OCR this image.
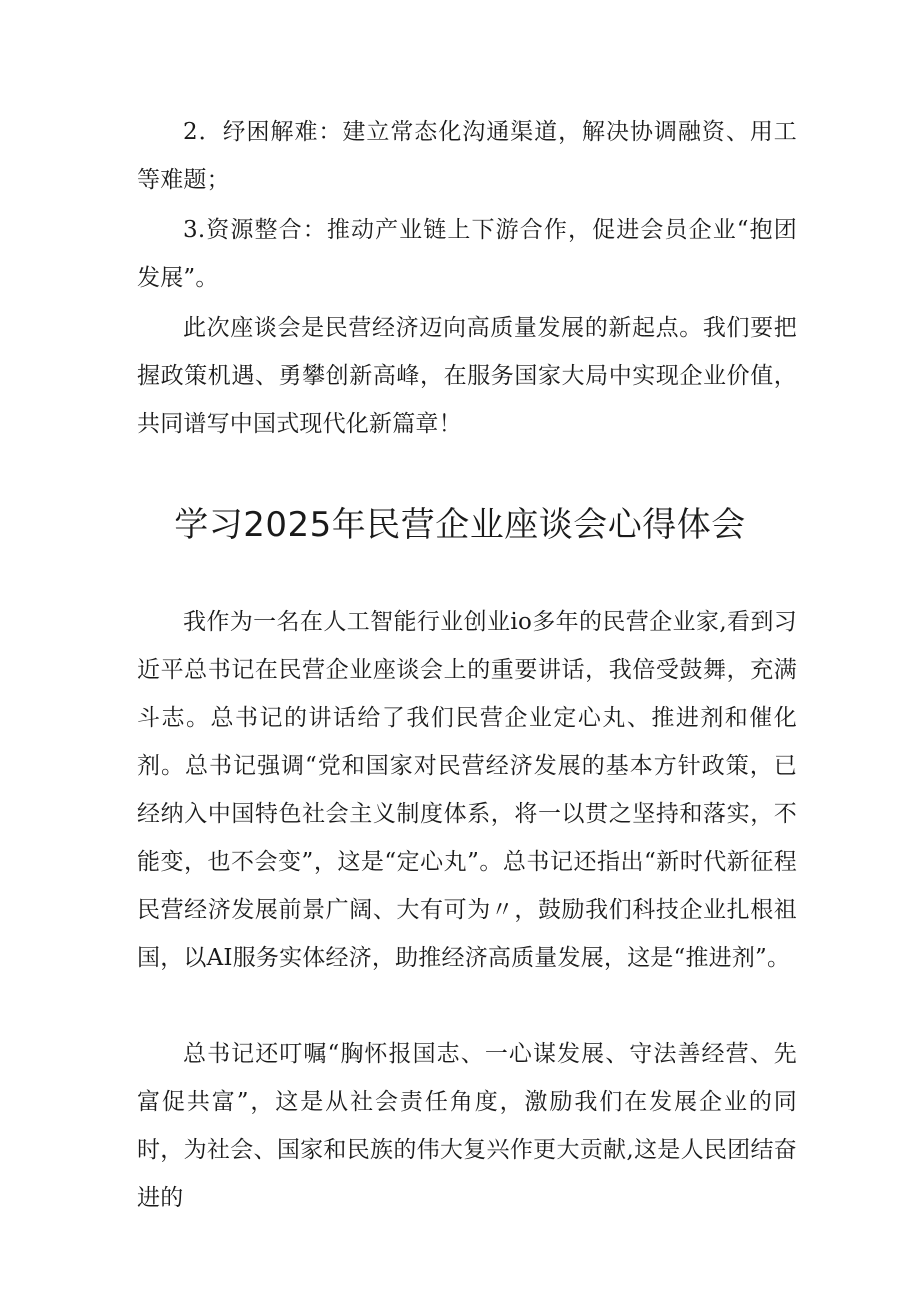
2．纾困解难：建立常态化沟通渠道，解决协调融资、用工等难题；

3.资源整合：推动产业链上下游合作，促进会员企业“抱团发展”。

此次座谈会是民营经济迈向高质量发展的新起点。我们要把握政策机遇、勇攀创新高峰，在服务国家大局中实现企业价值，共同谱写中国式现代化新篇章！

学习2025年民营企业座谈会心得体会

我作为一名在人工智能行业创业io多年的民营企业家,看到习近平总书记在民营企业座谈会上的重要讲话，我倍受鼓舞，充满斗志。总书记的讲话给了我们民营企业定心丸、推进剂和催化剂。总书记强调“党和国家对民营经济发展的基本方针政策，已经纳入中国特色社会主义制度体系，将一以贯之坚持和落实，不能变，也不会变”，这是“定心丸”。总书记还指出“新时代新征程民营经济发展前景广阔、大有可为〃，鼓励我们科技企业扎根祖国，以AI服务实体经济，助推经济高质量发展，这是“推进剂”。

总书记还叮嘱“胸怀报国志、一心谋发展、守法善经营、先富促共富”，这是从社会责任角度，激励我们在发展企业的同时，为社会、国家和民族的伟大复兴作更大贡献,这是人民团结奋进的
